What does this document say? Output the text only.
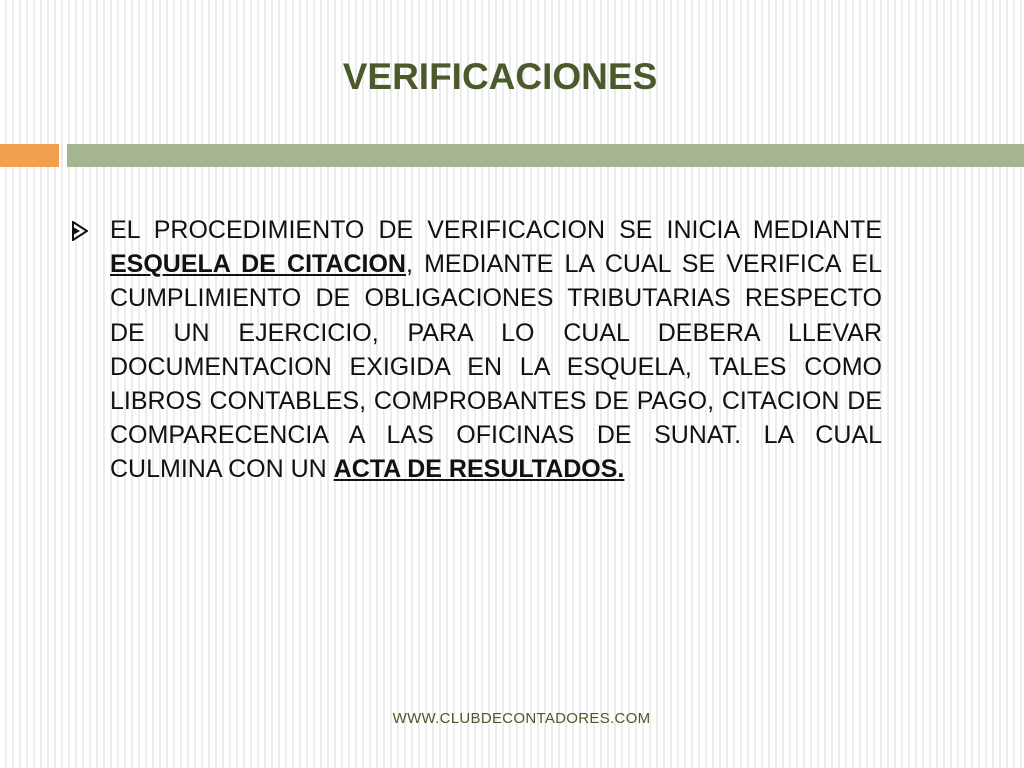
VERIFICACIONES

EL PROCEDIMIENTO DE VERIFICACION SE INICIA MEDIANTE ESQUELA DE CITACION, MEDIANTE LA CUAL SE VERIFICA EL CUMPLIMIENTO DE OBLIGACIONES TRIBUTARIAS RESPECTO DE UN EJERCICIO, PARA LO CUAL DEBERA LLEVAR DOCUMENTACION EXIGIDA EN LA ESQUELA, TALES COMO LIBROS CONTABLES, COMPROBANTES DE PAGO, CITACION DE COMPARECENCIA A LAS OFICINAS DE SUNAT. LA CUAL CULMINA CON UN ACTA DE RESULTADOS.

WWW.CLUBDECONTADORES.COM
